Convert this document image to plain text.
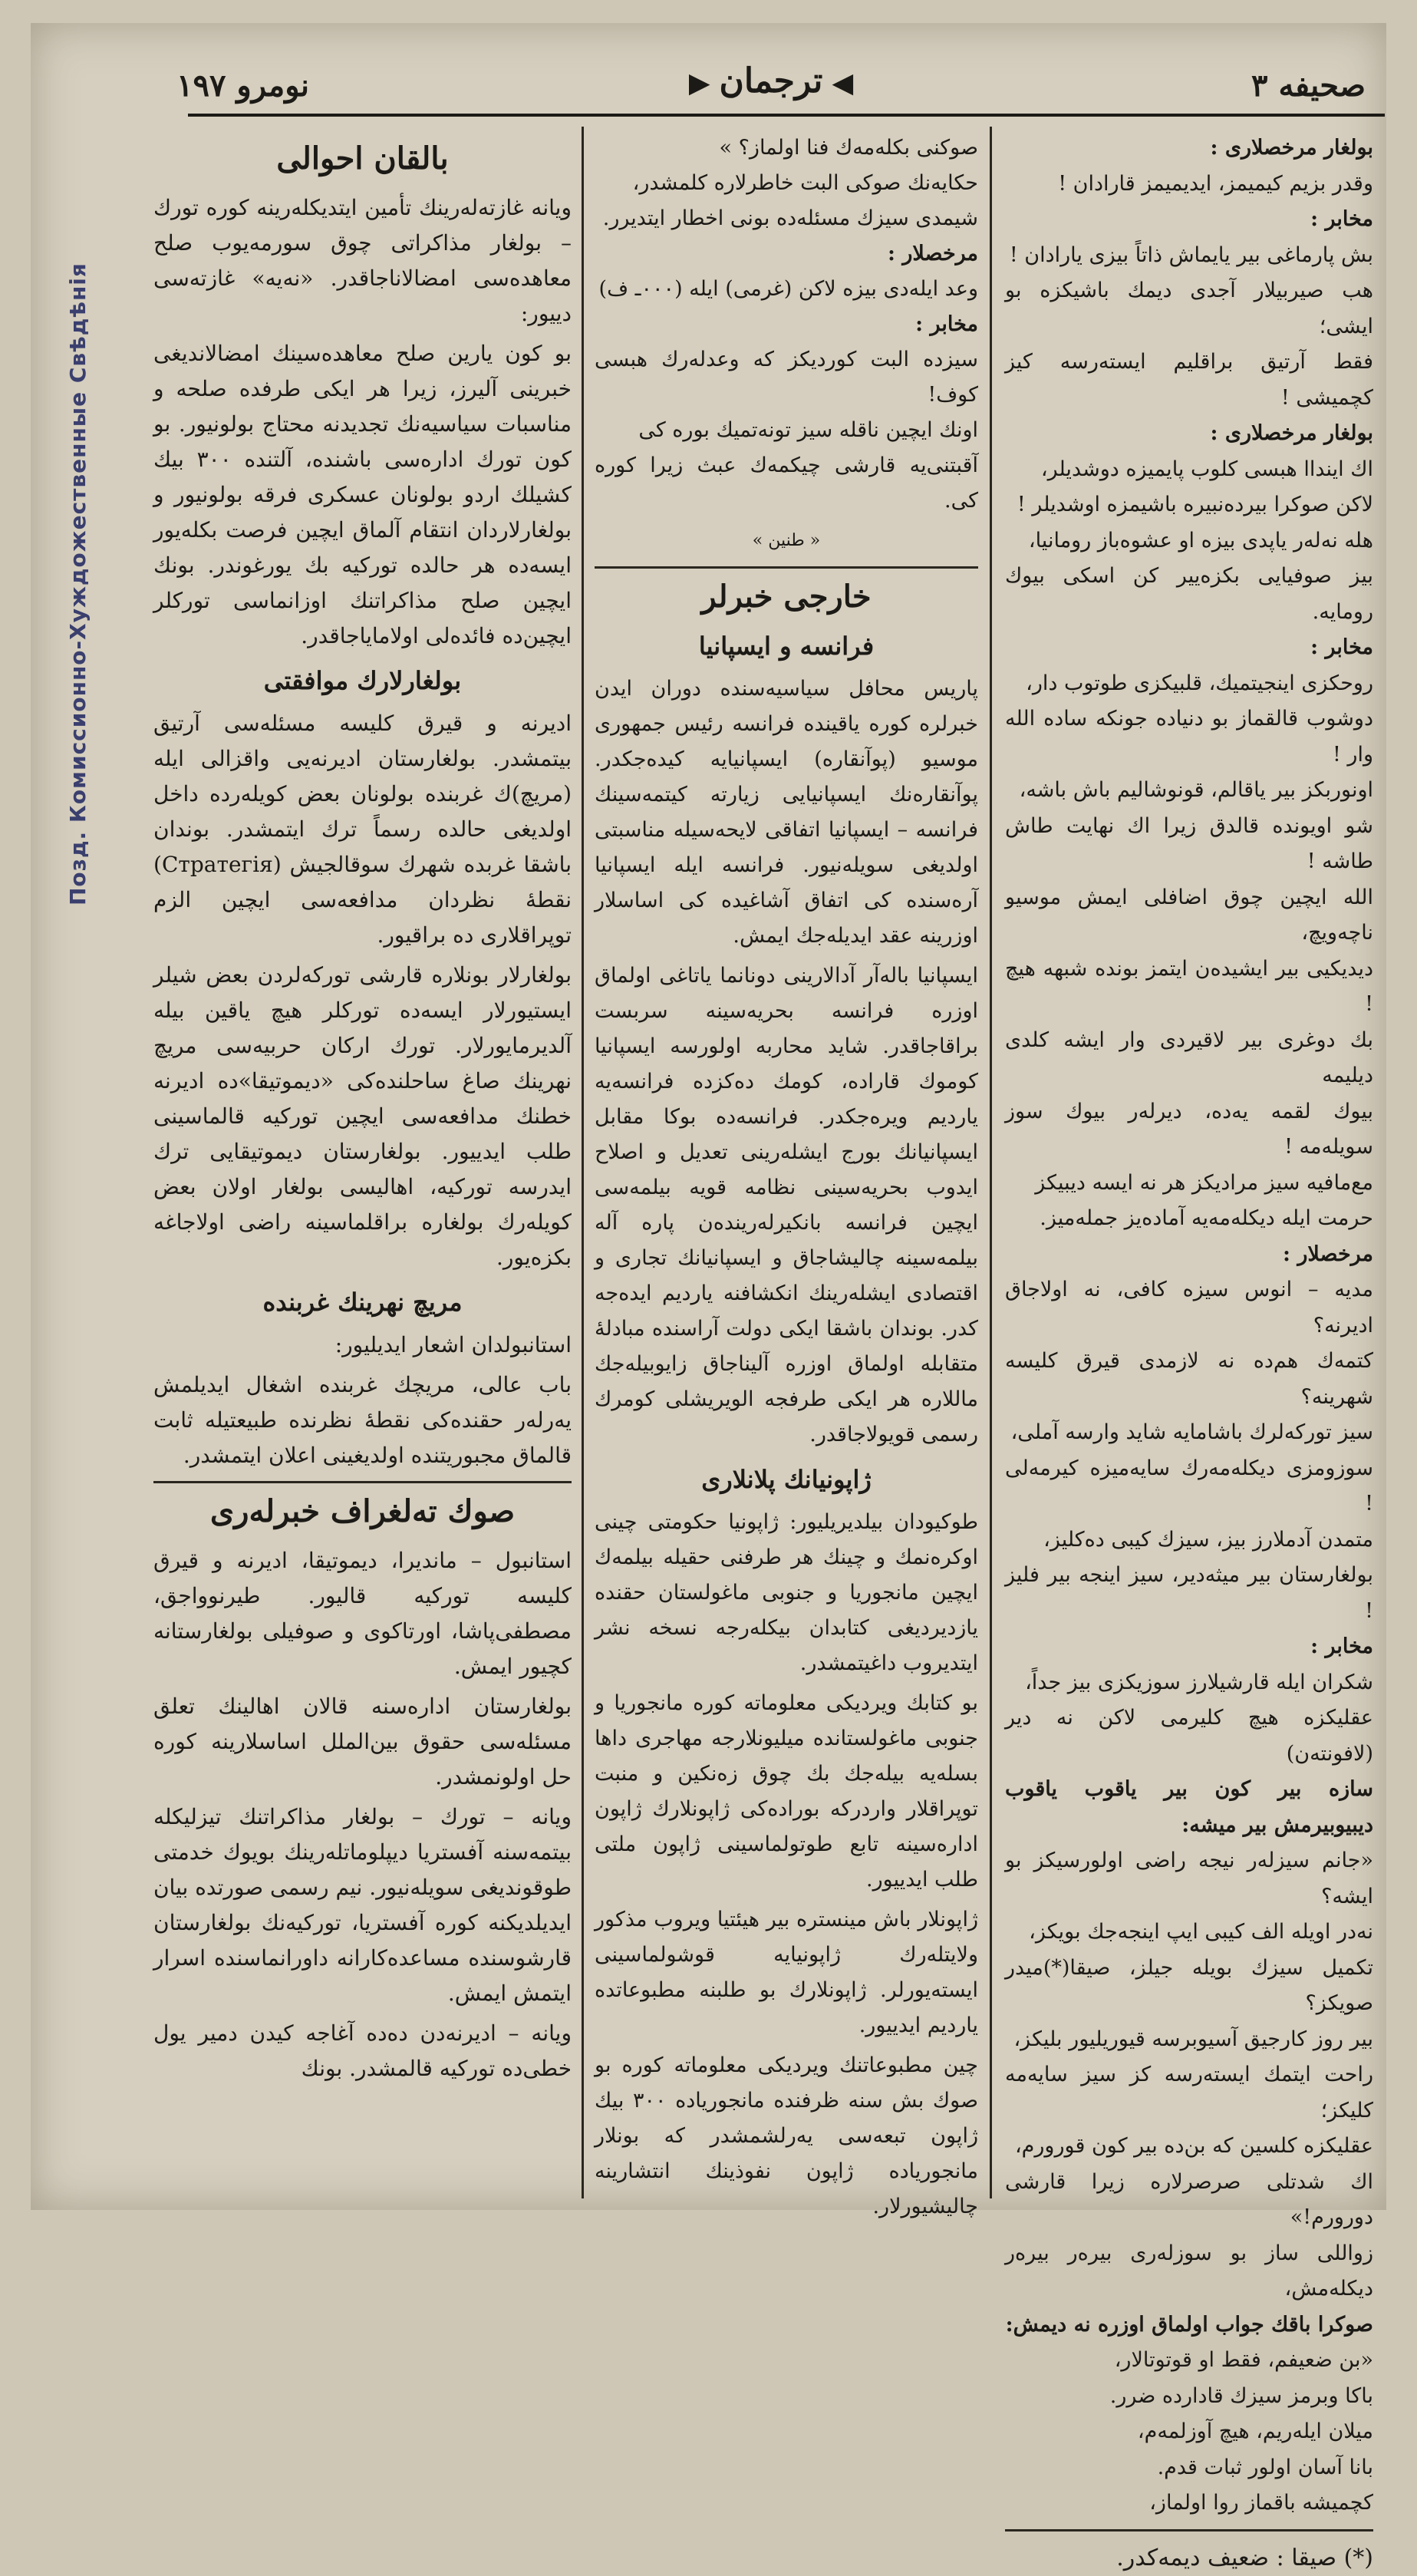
Позд. Комиссионно-Хуждожественные Свѣдѣнія
صحیفه ۳
◀ترجمان▶
نومرو ۱۹۷
بولغار مرخصلاری :
وقدر بزیم کیمیمز، ایدیمیمز قارادان !
مخابر :
بش پارماغی بیر یایماش ذاتاً بیزی یارادان !
هب صیربیلار آجدی دیمك باشیکزه بو ایشی؛
فقط آرتیق براقلیم ایسته‌رسه کیز کچمیشی !
بولغار مرخصلاری :
اك اینداا هبسی کلوب پایمیزه دوشدیلر،
لاکن صوکرا بیردەنبیرە باشیمزە اوشدیلر !
هله نەلەر یاپدی بیزه او عشوەباز رومانیا،
بیز صوفیایی بکزه‌ییر کن اسکی بیوك رومایه.
مخابر :
روحکزی اینجیتمیك، قلبیکزی طوتوب دار،
دوشوب قالقماز بو دنیاده جونکه ساده الله وار !
اونوربکز بیر یاقالم، قونوشالیم باش باشه،
شو اویونده قالدق زیرا اك نهایت طاش طاشه !
الله ایچین چوق اضافلی ایمش موسیو ناچه‌ویچ،
دیدیکیی بیر ایشیدەن ایتمز بونده شبهه هیچ !
بك دوغری بیر لاقیردی وار ایشه کلدی دیلیمه
بیوك لقمه یه‌ده، دیرلەر بیوك سوز سویله‌مه !
مع‌مافیه سیز مرادیکز هر نه ایسه دیبیکز
حرمت ایله دیکله‌مه‌یه آماده‌یز جمله‌میز.
مرخصلار :
مدیه – انوس سیزه کافی، نه اولاجاق ادیرنه؟
کتمه‌ك هم‌ده نه لازمدی قیرق کلیسه شهرینه؟
سیز تورکه‌لرك باشامایه شاید وارسه آملی،
سوزومزی دیکله‌مه‌رك سایه‌میزه کیرمه‌لی !
متمدن آدملارز بیز، سیزك کیبی ده‌کلیز،
بولغارستان بیر میثه‌دیر، سیز اینجه بیر فلیز !
مخابر :
شکران ایله قارشیلارز سوزیکزی بیز جداً،
عقلیکزه هیچ کلیرمی لاکن نه دیر (لافونته‌ن)
سازه بیر کون بیر یاقوب یاقوب دیبیوبیرمش بیر میشه:
«جانم سیزلەر نیجه راضی اولورسیکز بو ایشه؟
نه‌در اویله الف کیبی ایپ اینجه‌جك بویکز،
تکمیل سیزك بویله جیلز، صیقا(*)میدر صویکز؟
بیر روز کارجیق آسیوبرسه قیوریلیور بلیکز،
راحت ایتمك ایسته‌رسه کز سیز سایه‌مه کلیکز؛
عقلیکزه کلسین که بن‌ده بیر کون قورورم،
اك شدتلی صرصرلاره زیرا قارشی دورورم!»
زواللی ساز بو سوزلەری بیرەر بیرەر دیکله‌مش،
صوکرا باقك جواب اولماق اوزره نه دیمش:
«بن ضعیفم، فقط او قوتوتالار،
باکا وبرمز سیزك قادارده ضرر.
میلان ایلەریم، هیچ آوزلمەم،
بانا آسان اولور ثبات قدم.
کچمیشه باقماز روا اولماز،
(*) صیقا : ضعیف دیمه‌کدر.
صوکنی بکله‌مه‌ك فنا اولماز؟ »
حکایه‌نك صوکی البت خاطرلاره کلمشدر،
شیمدی سیزك مسئله‌ده بونی اخطار ایتدیرر.
مرخصلار :
وعد ایله‌دی بیزه لاکن (غرمی) ایله (۰۰۰ـ ف)
مخابر :
سیزده البت کوردیکز که وعدلەرك هبسی کوف!
اونك ایچین ناقله سیز تونه‌تمیك بوره کی
آقبتنی‌یه قارشی چیکمه‌ك عبث زیرا کوره کی.
« طنین »
خارجی خبرلر
فرانسه و ایسپانیا

پاریس محافل سیاسیه‌سنده دوران ایدن خبرلره کوره یاقینده فرانسه رئیس جمهوری موسیو (پوآنقاره) ایسپانیایه کیده‌جکدر. پوآنقاره‌نك ایسپانیایی زیارته کیتمه‌سینك فرانسه – ایسپانیا اتفاقی لایحه‌سیله مناسبتی اولدیغی سویلەنیور. فرانسه ایله ایسپانیا آره‌سنده کی اتفاق آشاغیده کی اساسلار اوزرینه عقد ایدیله‌جك ایمش.

ایسپانیا باله‌آر آدالارینی دونانما یاتاغی اولماق اوزره فرانسه بحریه‌سینه سربست براقاجاقدر. شاید محاربه اولورسه ایسپانیا کوموك قاراده، کومك ده‌کزده فرانسه‌یه یاردیم ویره‌جکدر. فرانسه‌ده بوکا مقابل ایسپانیانك بورج ایشله‌رینی تعدیل و اصلاح ایدوب بحریه‌سینی نظامه قویه بیلمه‌سی ایچین فرانسه بانکیرلەریندەن پاره آلە بیلمه‌سینه چالیشاجاق و ایسپانیانك تجاری و اقتصادی ایشله‌رینك انکشافنه یاردیم ایده‌جه کدر. بوندان باشقا ایکی دولت آراسنده مبادلهٔ متقابله اولماق اوزره آلیناجاق زایوبیله‌جك ماللاره هر ایکی طرفجه الویریشلی کومرك رسمی قویولاجاقدر.

ژاپونیانك پلانلاری

طوکیودان بیلدیریلیور: ژاپونیا حکومتی چینی اوکرەنمك و چینك هر طرفنی حقیله بیلمه‌ك ایچین مانجوریا و جنوبی ماغولستان حقنده یازدیردیغی کتابدان بیکلەرجه نسخه نشر ایتدیروب داغیتمشدر.

بو کتابك ویردیکی معلوماته کوره مانجوریا و جنوبی ماغولستانده میلیونلارجه مهاجری داها بسلەیه بیله‌جك بك چوق زەنکین و منبت توپراقلار واردرکه بوراده‌کی ژاپونلارك ژاپون اداره‌سینه تابع طوتولماسینی ژاپون ملتی طلب ایدییور.

ژاپونلار باش مینستره بیر هیئتیا ویروب مذکور ولایتلەرك ژاپونیایه قوشولماسینی ایسته‌یورلر. ژاپونلارك بو طلبنه مطبوعاتده یاردیم ایدییور.

چین مطبوعاتنك ویردیکی معلوماته کوره بو صوك بش سنه ظرفنده مانجوریاده ۳۰۰ بیك ژاپون تبعه‌سی یەرلشمشدر که بونلار مانجوریاده ژاپون نفوذینك انتشارینه چالیشیورلار.

بالقان احوالی

ویانه غازته‌لەرینك تأمین ایتدیکلەرینه کوره تورك – بولغار مذاکراتی چوق سورمه‌یوب صلح معاهده‌سی امضالاناجاقدر. «نه‌یه» غازته‌سی دییور:

بو کون یارین صلح معاهده‌سینك امضالاندیغی خبرینی آلیرز، زیرا هر ایکی طرفده صلحه و مناسبات سیاسیه‌نك تجدیدنه محتاج بولونیور. بو کون تورك اداره‌سی باشنده، آلتنده ۳۰۰ بیك کشیلك اردو بولونان عسکری فرقه بولونیور و بولغارلاردان انتقام آلماق ایچین فرصت بکله‌یور ایسه‌ده هر حالده تورکیه بك یورغوندر. بونك ایچین صلح مذاکراتنك اوزانماسی تورکلر ایچین‌ده فائده‌لی اولامایاجاقدر.

بولغارلارك موافقتی

ادیرنه و قیرق کلیسه مسئله‌سی آرتیق بیتمشدر. بولغارستان ادیرنه‌یی واقزالی ایله (مریچ)ك غربنده بولونان بعض کویله‌رده داخل اولدیغی حالده رسماً ترك ایتمشدر. بوندان باشقا غربده شهرك سوقالجیش (Стратегія) نقطهٔ نظردان مدافعه‌سی ایچین الزم توپراقلاری ده براقیور.

بولغارلار بونلاره قارشی تورکەلردن بعض شیلر ایستیورلار ایسه‌ده تورکلر هیچ یاقین بیله آلدیرمایورلار. تورك ارکان حربیه‌سی مریچ نهرینك صاغ ساحلنده‌کی «دیموتیقا»ده ادیرنه خطنك مدافعه‌سی ایچین تورکیه قالماسینی طلب ایدییور. بولغارستان دیموتیقایی ترك ایدرسه تورکیه، اهالیسی بولغار اولان بعض کویلەرك بولغاره براقلماسینه راضی اولاجاغه بکزه‌یور.

مریچ نهرینك غربنده

استانبولدان اشعار ایدیلیور:

باب عالی، مریچك غربنده اشغال ایدیلمش یه‌رلەر حقنده‌کی نقطهٔ نظرنده طبیعتیله ثابت قالماق مجبوریتنده اولدیغینی اعلان ایتمشدر.

صوك تەلغراف خبرلەری

استانبول – ماندیرا، دیموتیقا، ادیرنه و قیرق کلیسه تورکیه قالیور. طیرنوواجق، مصطفی‌پاشا، اورتاکوی و صوفیلی بولغارستانه کچیور ایمش.

بولغارستان اداره‌سنه قالان اهالینك تعلق مسئله‌سی حقوق بین‌الملل اساسلارینه کوره حل اولونمشدر.

ویانه – تورك – بولغار مذاکراتنك تیزلیکله بیتمه‌سنه آفستریا دیپلوماتلەرینك بویوك خدمتی طوقوندیغی سویله‌نیور. نیم رسمی صورتده بیان ایدیلدیکنه کوره آفستریا، تورکیه‌نك بولغارستان قارشوسنده مساعده‌کارانه داورانماسنده اسرار ایتمش ایمش.

ویانه – ادیرنه‌دن ده‌ده آغاجه کیدن دمیر یول خطی‌ده تورکیه قالمشدر. بونك
